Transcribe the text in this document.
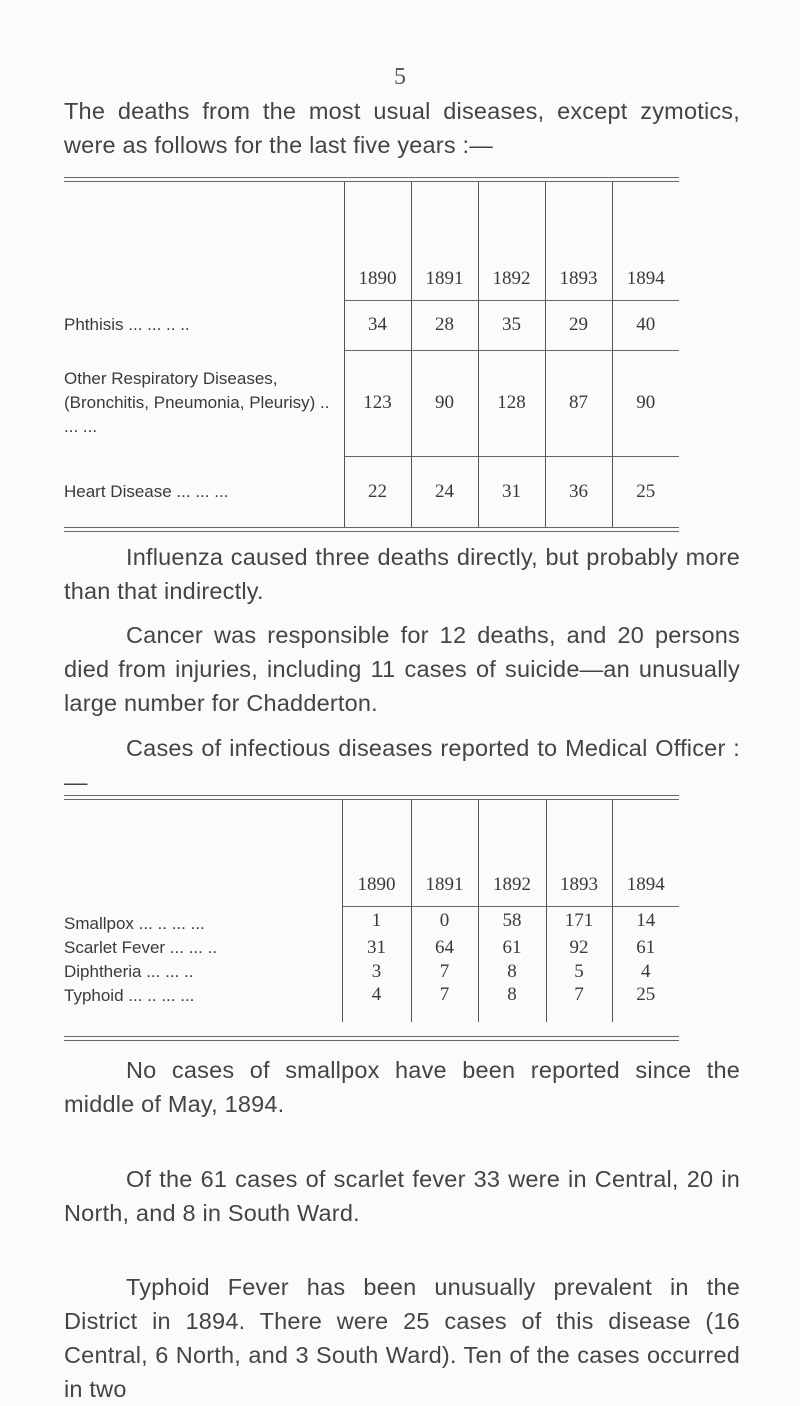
5

The deaths from the most usual diseases, except zymotics, were as follows for the last five years :—

	1890	1891	1892	1893	1894
Phthisis ... ... .. ..	34	28	35	29	40
Other Respiratory Diseases, (Bronchitis, Pneumonia, Pleurisy) .. ... ...	123	90	128	87	90
Heart Disease ... ... ...	22	24	31	36	25

Influenza caused three deaths directly, but probably more than that indirectly.

Cancer was responsible for 12 deaths, and 20 persons died from injuries, including 11 cases of suicide—an unusually large number for Chadderton.

Cases of infectious diseases reported to Medical Officer :—

	1890	1891	1892	1893	1894
Smallpox ... .. ... ...	1	0	58	171	14
Scarlet Fever ... ... ..	31	64	61	92	61
Diphtheria ... ... ..	3	7	8	5	4
Typhoid ... .. ... ...	4	7	8	7	25

No cases of smallpox have been reported since the middle of May, 1894.

Of the 61 cases of scarlet fever 33 were in Central, 20 in North, and 8 in South Ward.

Typhoid Fever has been unusually prevalent in the District in 1894. There were 25 cases of this disease (16 Central, 6 North, and 3 South Ward). Ten of the cases occurred in two
